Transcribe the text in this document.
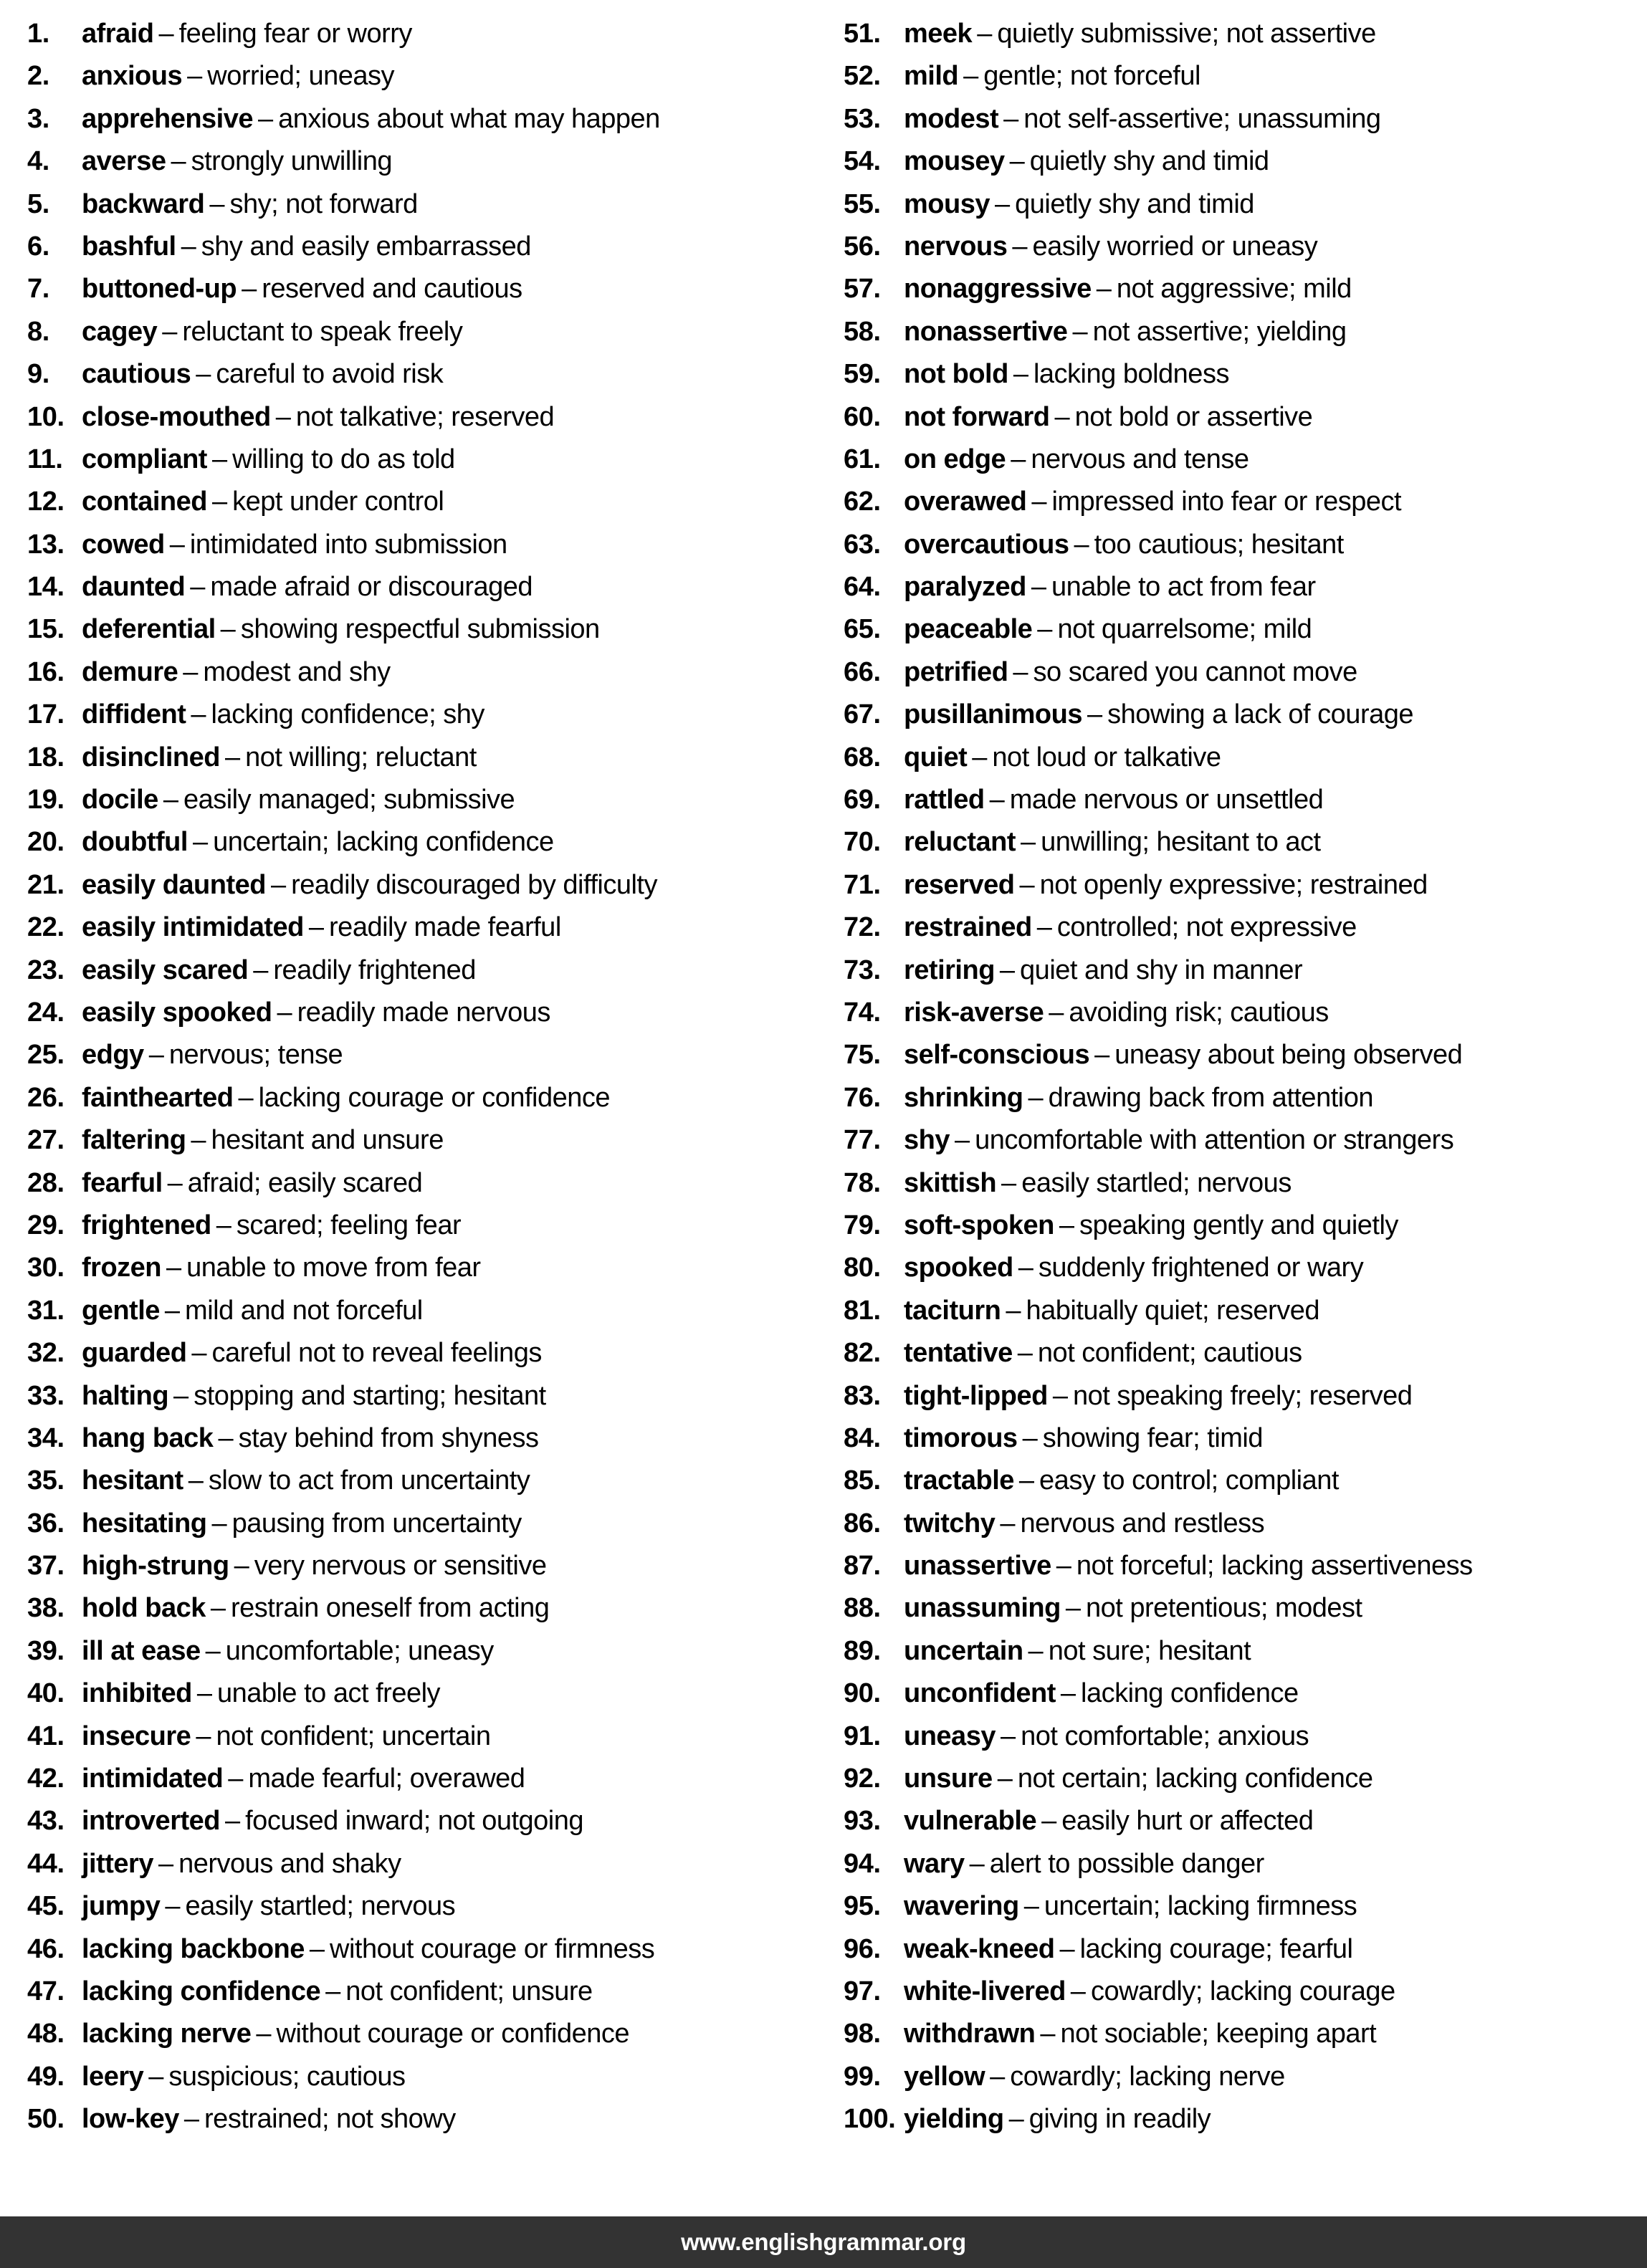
1.	afraid – feeling fear or worry
2.	anxious – worried; uneasy
3.	apprehensive – anxious about what may happen
4.	averse – strongly unwilling
5.	backward – shy; not forward
6.	bashful – shy and easily embarrassed
7.	buttoned-up – reserved and cautious
8.	cagey – reluctant to speak freely
9.	cautious – careful to avoid risk
10. close-mouthed – not talkative; reserved
11. compliant – willing to do as told
12. contained – kept under control
13. cowed – intimidated into submission
14. daunted – made afraid or discouraged
15. deferential – showing respectful submission
16. demure – modest and shy
17. diffident – lacking confidence; shy
18. disinclined – not willing; reluctant
19. docile – easily managed; submissive
20. doubtful – uncertain; lacking confidence
21. easily daunted – readily discouraged by difficulty
22. easily intimidated – readily made fearful
23. easily scared – readily frightened
24. easily spooked – readily made nervous
25. edgy – nervous; tense
26. fainthearted – lacking courage or confidence
27. faltering – hesitant and unsure
28. fearful – afraid; easily scared
29. frightened – scared; feeling fear
30. frozen – unable to move from fear
31. gentle – mild and not forceful
32. guarded – careful not to reveal feelings
33. halting – stopping and starting; hesitant
34. hang back – stay behind from shyness
35. hesitant – slow to act from uncertainty
36. hesitating – pausing from uncertainty
37. high-strung – very nervous or sensitive
38. hold back – restrain oneself from acting
39. ill at ease – uncomfortable; uneasy
40. inhibited – unable to act freely
41. insecure – not confident; uncertain
42. intimidated – made fearful; overawed
43. introverted – focused inward; not outgoing
44. jittery – nervous and shaky
45. jumpy – easily startled; nervous
46. lacking backbone – without courage or firmness
47. lacking confidence – not confident; unsure
48. lacking nerve – without courage or confidence
49. leery – suspicious; cautious
50. low-key – restrained; not showy
51. meek – quietly submissive; not assertive
52. mild – gentle; not forceful
53. modest – not self-assertive; unassuming
54. mousey – quietly shy and timid
55. mousy – quietly shy and timid
56. nervous – easily worried or uneasy
57. nonaggressive – not aggressive; mild
58. nonassertive – not assertive; yielding
59. not bold – lacking boldness
60. not forward – not bold or assertive
61. on edge – nervous and tense
62. overawed – impressed into fear or respect
63. overcautious – too cautious; hesitant
64. paralyzed – unable to act from fear
65. peaceable – not quarrelsome; mild
66. petrified – so scared you cannot move
67. pusillanimous – showing a lack of courage
68. quiet – not loud or talkative
69. rattled – made nervous or unsettled
70. reluctant – unwilling; hesitant to act
71. reserved – not openly expressive; restrained
72. restrained – controlled; not expressive
73. retiring – quiet and shy in manner
74. risk-averse – avoiding risk; cautious
75. self-conscious – uneasy about being observed
76. shrinking – drawing back from attention
77. shy – uncomfortable with attention or strangers
78. skittish – easily startled; nervous
79. soft-spoken – speaking gently and quietly
80. spooked – suddenly frightened or wary
81. taciturn – habitually quiet; reserved
82. tentative – not confident; cautious
83. tight-lipped – not speaking freely; reserved
84. timorous – showing fear; timid
85. tractable – easy to control; compliant
86. twitchy – nervous and restless
87. unassertive – not forceful; lacking assertiveness
88. unassuming – not pretentious; modest
89. uncertain – not sure; hesitant
90. unconfident – lacking confidence
91. uneasy – not comfortable; anxious
92. unsure – not certain; lacking confidence
93. vulnerable – easily hurt or affected
94. wary – alert to possible danger
95. wavering – uncertain; lacking firmness
96. weak-kneed – lacking courage; fearful
97. white-livered – cowardly; lacking courage
98. withdrawn – not sociable; keeping apart
99. yellow – cowardly; lacking nerve
100. yielding – giving in readily
www.englishgrammar.org
